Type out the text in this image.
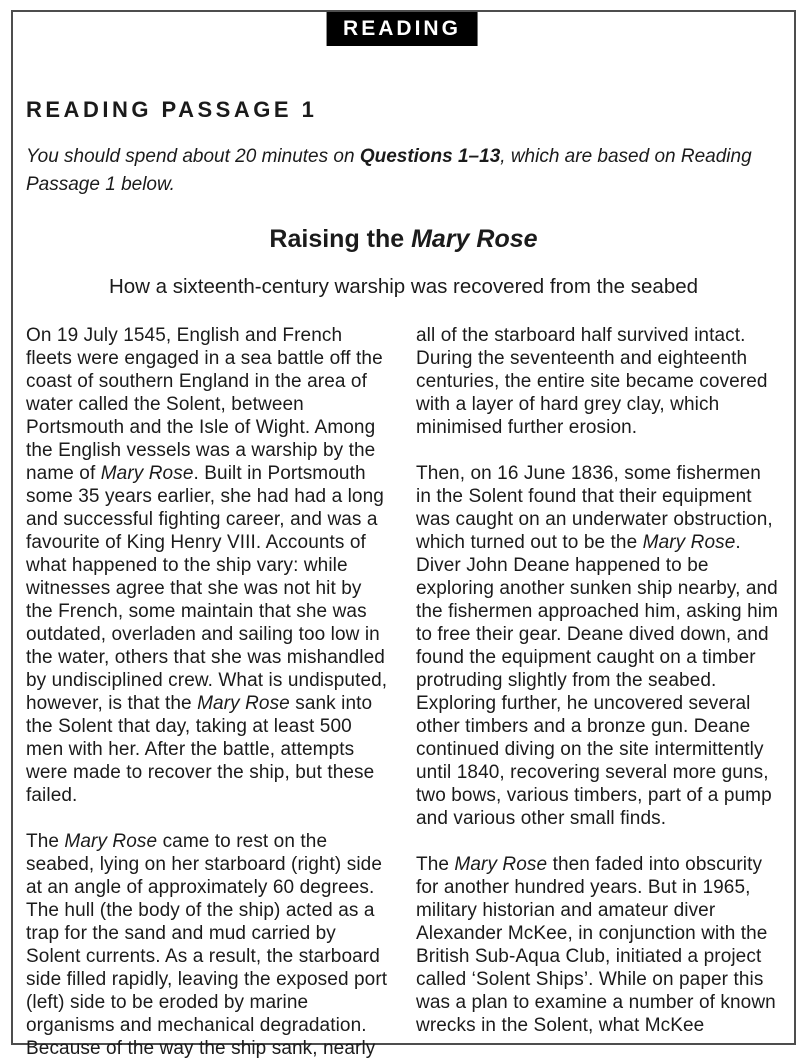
READING
READING PASSAGE 1

You should spend about 20 minutes on Questions 1–13, which are based on Reading Passage 1 below.

Raising the Mary Rose
How a sixteenth-century warship was recovered from the seabed

On 19 July 1545, English and French fleets were engaged in a sea battle off the coast of southern England in the area of water called the Solent, between Portsmouth and the Isle of Wight. Among the English vessels was a warship by the name of Mary Rose. Built in Portsmouth some 35 years earlier, she had had a long and successful fighting career, and was a favourite of King Henry VIII. Accounts of what happened to the ship vary: while witnesses agree that she was not hit by the French, some maintain that she was outdated, overladen and sailing too low in the water, others that she was mishandled by undisciplined crew. What is undisputed, however, is that the Mary Rose sank into the Solent that day, taking at least 500 men with her. After the battle, attempts were made to recover the ship, but these failed.

The Mary Rose came to rest on the seabed, lying on her starboard (right) side at an angle of approximately 60 degrees. The hull (the body of the ship) acted as a trap for the sand and mud carried by Solent currents. As a result, the starboard side filled rapidly, leaving the exposed port (left) side to be eroded by marine organisms and mechanical degradation. Because of the way the ship sank, nearly

all of the starboard half survived intact. During the seventeenth and eighteenth centuries, the entire site became covered with a layer of hard grey clay, which minimised further erosion.

Then, on 16 June 1836, some fishermen in the Solent found that their equipment was caught on an underwater obstruction, which turned out to be the Mary Rose. Diver John Deane happened to be exploring another sunken ship nearby, and the fishermen approached him, asking him to free their gear. Deane dived down, and found the equipment caught on a timber protruding slightly from the seabed. Exploring further, he uncovered several other timbers and a bronze gun. Deane continued diving on the site intermittently until 1840, recovering several more guns, two bows, various timbers, part of a pump and various other small finds.

The Mary Rose then faded into obscurity for another hundred years. But in 1965, military historian and amateur diver Alexander McKee, in conjunction with the British Sub-Aqua Club, initiated a project called ‘Solent Ships’. While on paper this was a plan to examine a number of known wrecks in the Solent, what McKee
